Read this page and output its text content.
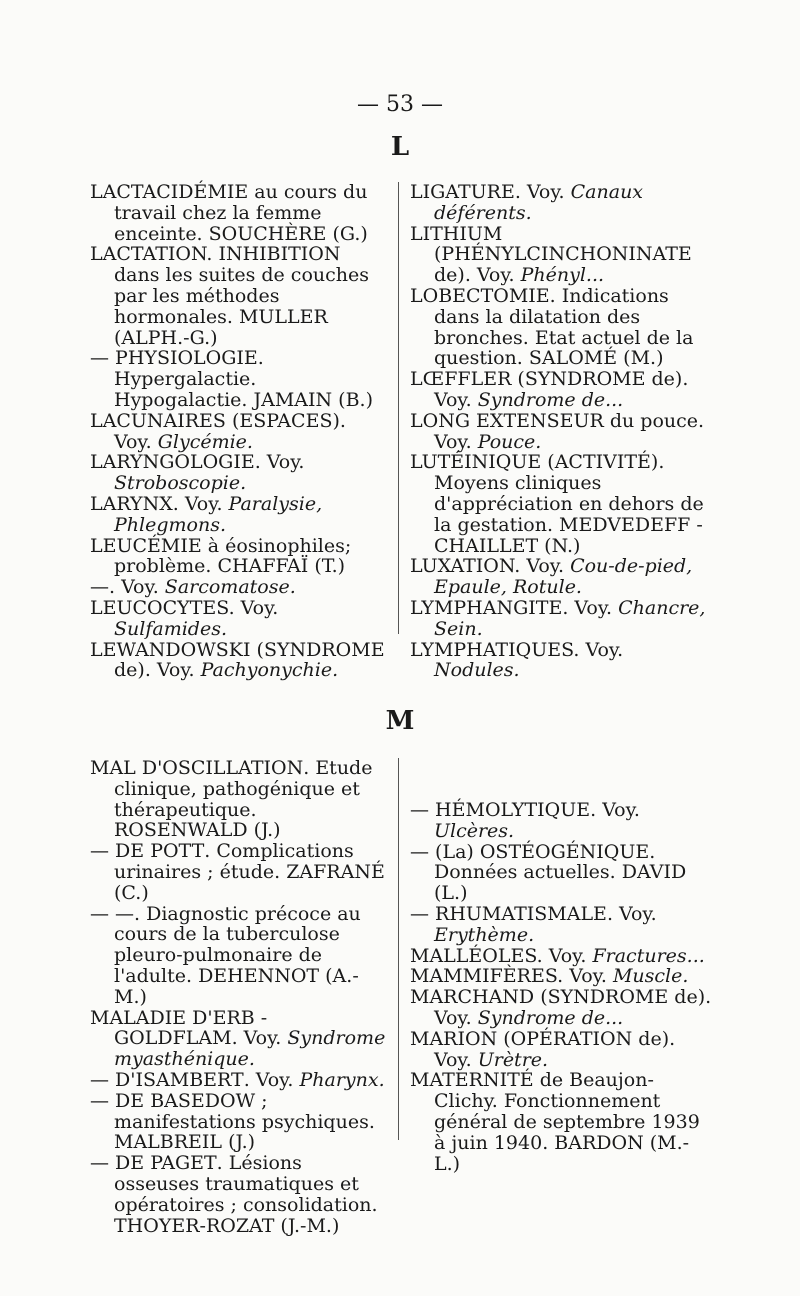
— 53 —
L

LACTACIDÉMIE au cours du travail chez la femme enceinte. SOUCHÈRE (G.)

LACTATION. INHIBITION dans les suites de couches par les méthodes hormonales. MULLER (ALPH.-G.)

— PHYSIOLOGIE. Hypergalactie. Hypogalactie. JAMAIN (B.)

LACUNAIRES (ESPACES). Voy. Glycémie.

LARYNGOLOGIE. Voy. Stroboscopie.

LARYNX. Voy. Paralysie, Phlegmons.

LEUCÉMIE à éosinophiles; problème. CHAFFAÏ (T.)

—. Voy. Sarcomatose.

LEUCOCYTES. Voy. Sulfamides.

LEWANDOWSKI (SYNDROME de). Voy. Pachyonychie.

LIGATURE. Voy. Canaux déférents.

LITHIUM (PHÉNYLCINCHONINATE de). Voy. Phényl...

LOBECTOMIE. Indications dans la dilatation des bronches. Etat actuel de la question. SALOMÉ (M.)

LŒFFLER (SYNDROME de). Voy. Syndrome de...

LONG EXTENSEUR du pouce. Voy. Pouce.

LUTÉINIQUE (ACTIVITÉ). Moyens cliniques d'appréciation en dehors de la gestation. MEDVEDEFF - CHAILLET (N.)

LUXATION. Voy. Cou-de-pied, Epaule, Rotule.

LYMPHANGITE. Voy. Chancre, Sein.

LYMPHATIQUES. Voy. Nodules.

M

MAL D'OSCILLATION. Etude clinique, pathogénique et thérapeutique. ROSENWALD (J.)

— DE POTT. Complications urinaires ; étude. ZAFRANÉ (C.)

— —. Diagnostic précoce au cours de la tuberculose pleuro-pulmonaire de l'adulte. DEHENNOT (A.-M.)

MALADIE D'ERB - GOLDFLAM. Voy. Syndrome myasthénique.

— D'ISAMBERT. Voy. Pharynx.

— DE BASEDOW ; manifestations psychiques. MALBREIL (J.)

— DE PAGET. Lésions osseuses traumatiques et opératoires ; consolidation. THOYER-ROZAT (J.-M.)

— HÉMOLYTIQUE. Voy. Ulcères.

— (La) OSTÉOGÉNIQUE. Données actuelles. DAVID (L.)

— RHUMATISMALE. Voy. Erythème.

MALLÉOLES. Voy. Fractures...

MAMMIFÈRES. Voy. Muscle.

MARCHAND (SYNDROME de). Voy. Syndrome de...

MARION (OPÉRATION de). Voy. Urètre.

MATERNITÉ de Beaujon-Clichy. Fonctionnement général de septembre 1939 à juin 1940. BARDON (M.-L.)
